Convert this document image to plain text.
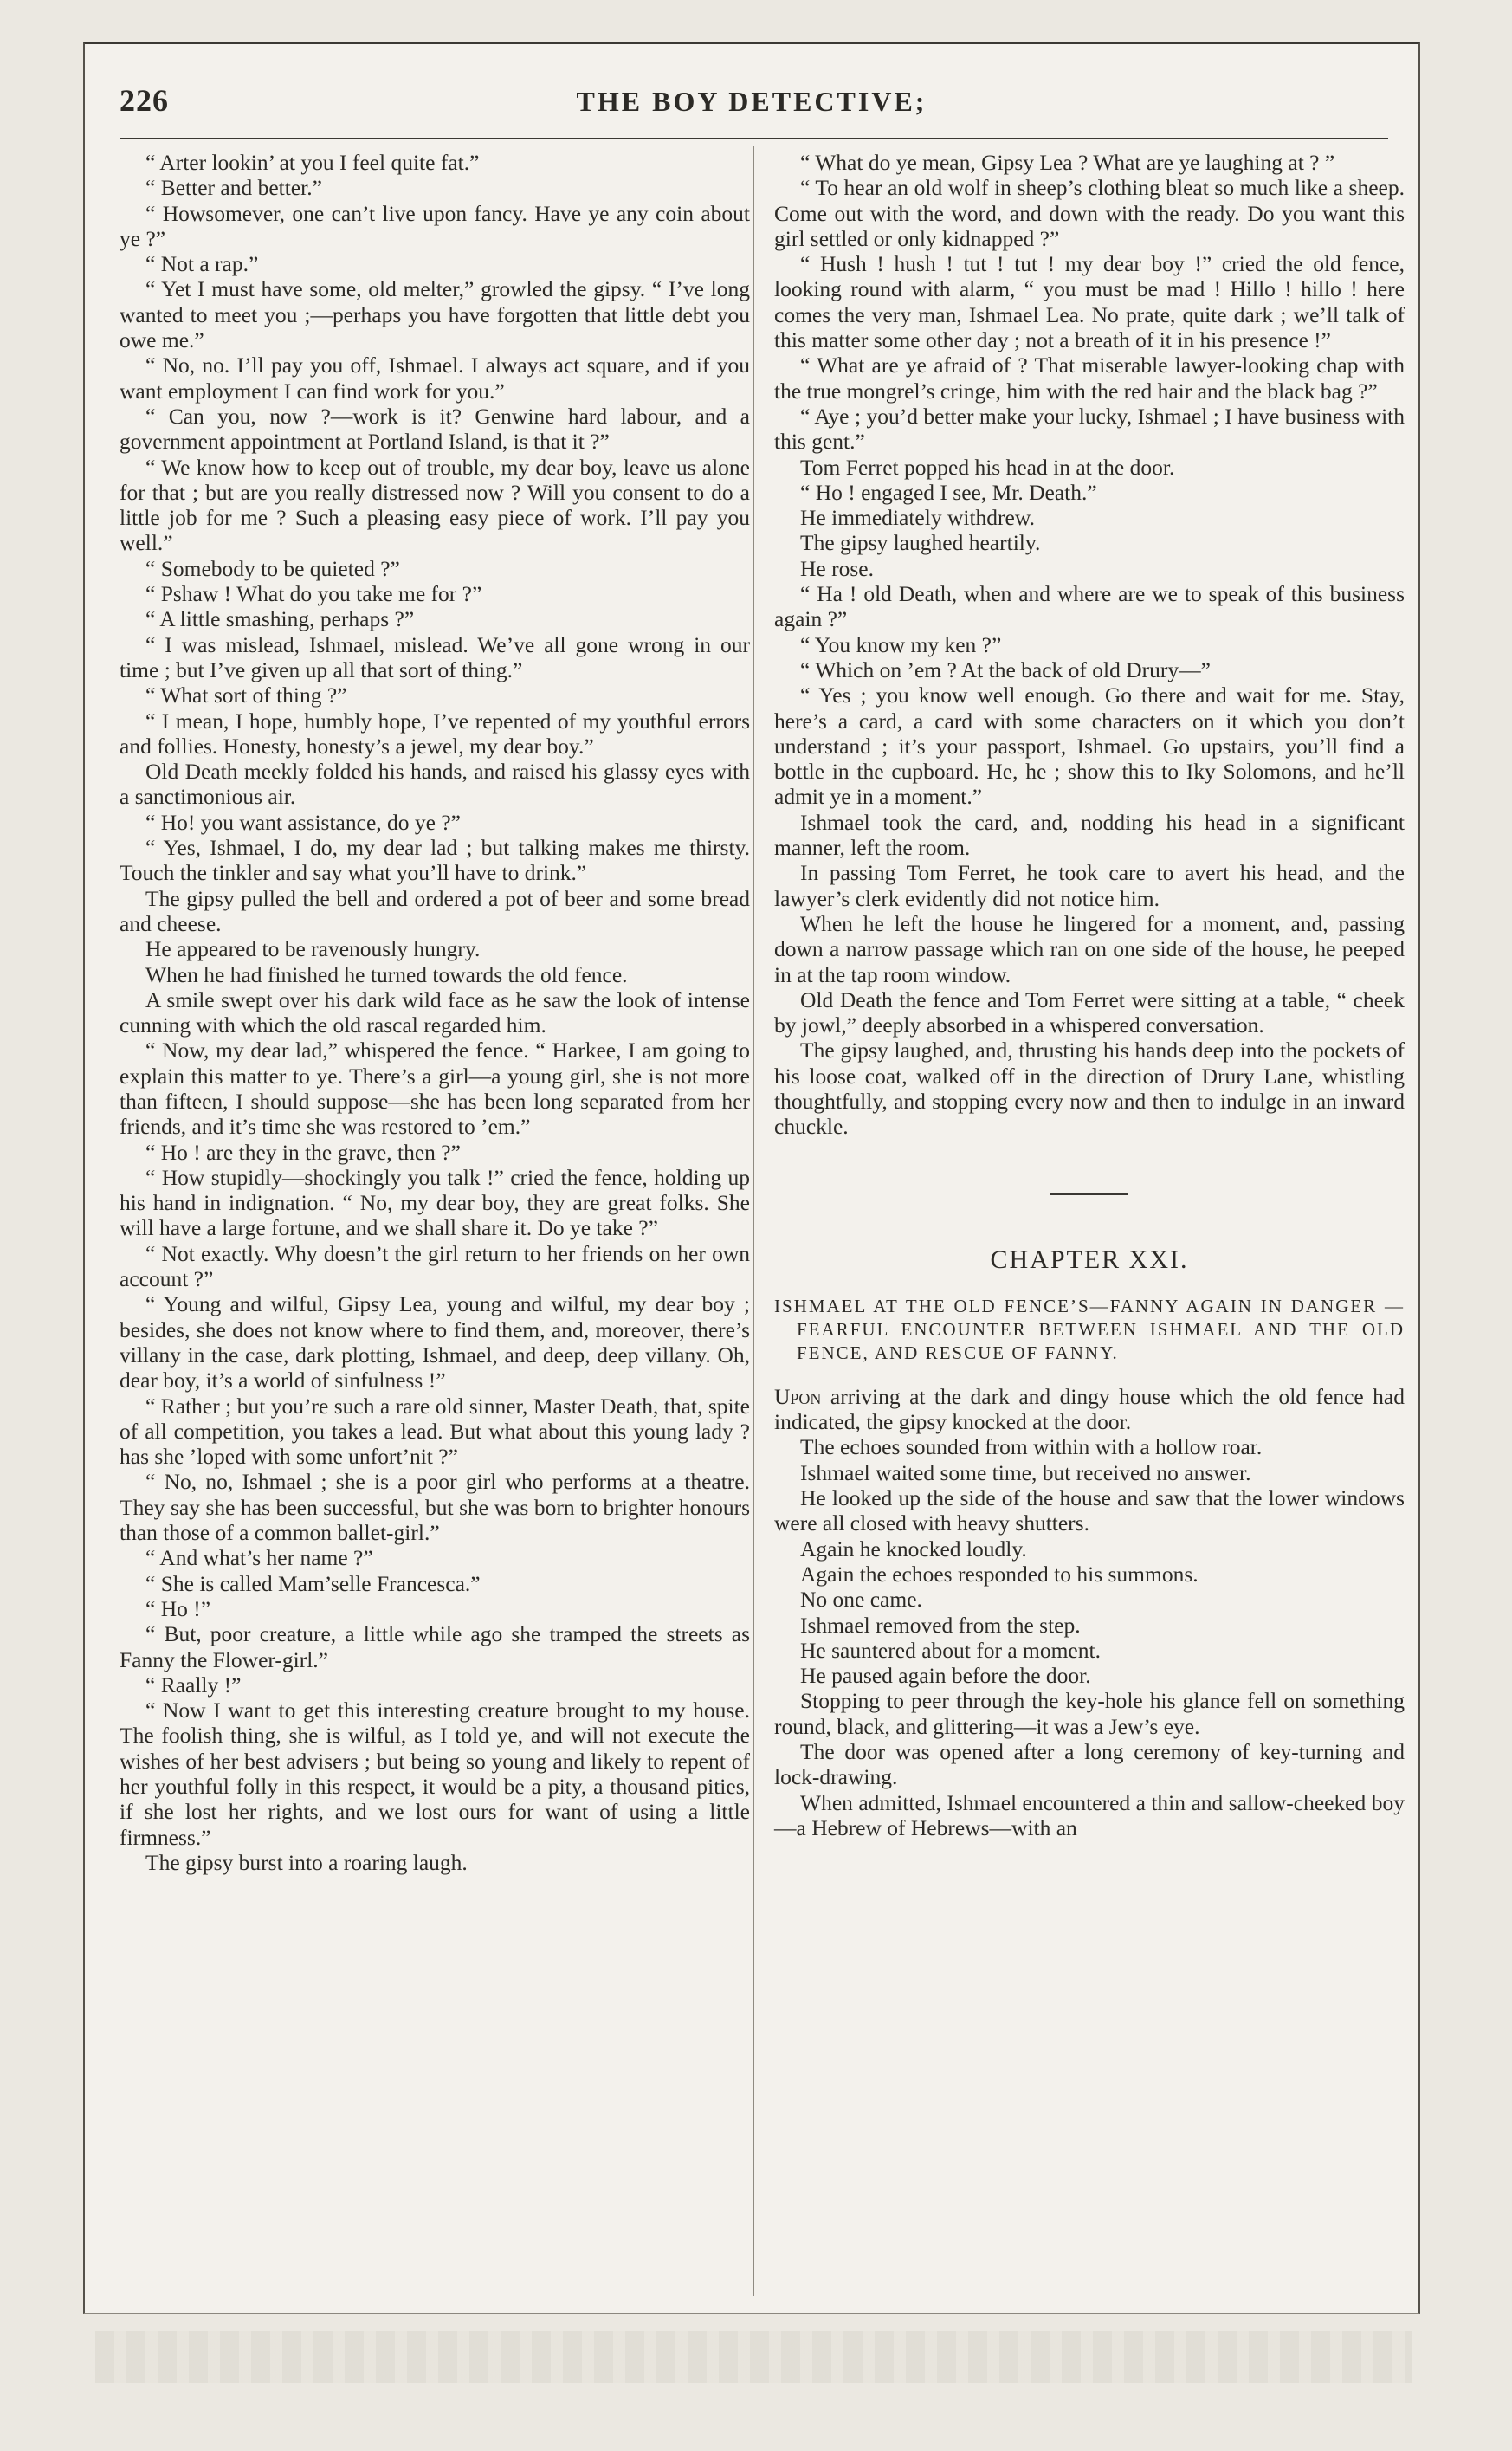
226	THE BOY DETECTIVE;

“ Arter lookin’ at you I feel quite fat.”

“ Better and better.”

“ Howsomever, one can’t live upon fancy. Have ye any coin about ye ?”

“ Not a rap.”

“ Yet I must have some, old melter,” growled the gipsy. “ I’ve long wanted to meet you ;—perhaps you have forgotten that little debt you owe me.”

“ No, no. I’ll pay you off, Ishmael. I always act square, and if you want employment I can find work for you.”

“ Can you, now ?—work is it? Genwine hard labour, and a government appointment at Portland Island, is that it ?”

“ We know how to keep out of trouble, my dear boy, leave us alone for that ; but are you really distressed now ? Will you consent to do a little job for me ? Such a pleasing easy piece of work. I’ll pay you well.”

“ Somebody to be quieted ?”

“ Pshaw ! What do you take me for ?”

“ A little smashing, perhaps ?”

“ I was mislead, Ishmael, mislead. We’ve all gone wrong in our time ; but I’ve given up all that sort of thing.”

“ What sort of thing ?”

“ I mean, I hope, humbly hope, I’ve repented of my youthful errors and follies. Honesty, honesty’s a jewel, my dear boy.”

Old Death meekly folded his hands, and raised his glassy eyes with a sanctimonious air.

“ Ho! you want assistance, do ye ?”

“ Yes, Ishmael, I do, my dear lad ; but talking makes me thirsty. Touch the tinkler and say what you’ll have to drink.”

The gipsy pulled the bell and ordered a pot of beer and some bread and cheese.

He appeared to be ravenously hungry.

When he had finished he turned towards the old fence.

A smile swept over his dark wild face as he saw the look of intense cunning with which the old rascal regarded him.

“ Now, my dear lad,” whispered the fence. “ Harkee, I am going to explain this matter to ye. There’s a girl—a young girl, she is not more than fifteen, I should suppose—she has been long separated from her friends, and it’s time she was restored to ’em.”

“ Ho ! are they in the grave, then ?”

“ How stupidly—shockingly you talk !” cried the fence, holding up his hand in indignation. “ No, my dear boy, they are great folks. She will have a large fortune, and we shall share it. Do ye take ?”

“ Not exactly. Why doesn’t the girl return to her friends on her own account ?”

“ Young and wilful, Gipsy Lea, young and wilful, my dear boy ; besides, she does not know where to find them, and, moreover, there’s villany in the case, dark plotting, Ishmael, and deep, deep villany. Oh, dear boy, it’s a world of sinfulness !”

“ Rather ; but you’re such a rare old sinner, Master Death, that, spite of all competition, you takes a lead. But what about this young lady ? has she ’loped with some unfort’nit ?”

“ No, no, Ishmael ; she is a poor girl who performs at a theatre. They say she has been successful, but she was born to brighter honours than those of a common ballet-girl.”

“ And what’s her name ?”

“ She is called Mam’selle Francesca.”

“ Ho !”

“ But, poor creature, a little while ago she tramped the streets as Fanny the Flower-girl.”

“ Raally !”

“ Now I want to get this interesting creature brought to my house. The foolish thing, she is wilful, as I told ye, and will not execute the wishes of her best advisers ; but being so young and likely to repent of her youthful folly in this respect, it would be a pity, a thousand pities, if she lost her rights, and we lost ours for want of using a little firmness.”

The gipsy burst into a roaring laugh.

“ What do ye mean, Gipsy Lea ? What are ye laughing at ? ”

“ To hear an old wolf in sheep’s clothing bleat so much like a sheep. Come out with the word, and down with the ready. Do you want this girl settled or only kidnapped ?”

“ Hush ! hush ! tut ! tut ! my dear boy !” cried the old fence, looking round with alarm, “ you must be mad ! Hillo ! hillo ! here comes the very man, Ishmael Lea. No prate, quite dark ; we’ll talk of this matter some other day ; not a breath of it in his presence !”

“ What are ye afraid of ? That miserable lawyer-looking chap with the true mongrel’s cringe, him with the red hair and the black bag ?”

“ Aye ; you’d better make your lucky, Ishmael ; I have business with this gent.”

Tom Ferret popped his head in at the door.

“ Ho ! engaged I see, Mr. Death.”

He immediately withdrew.

The gipsy laughed heartily.

He rose.

“ Ha ! old Death, when and where are we to speak of this business again ?”

“ You know my ken ?”

“ Which on ’em ? At the back of old Drury—”

“ Yes ; you know well enough. Go there and wait for me. Stay, here’s a card, a card with some characters on it which you don’t understand ; it’s your passport, Ishmael. Go upstairs, you’ll find a bottle in the cupboard. He, he ; show this to Iky Solomons, and he’ll admit ye in a moment.”

Ishmael took the card, and, nodding his head in a significant manner, left the room.

In passing Tom Ferret, he took care to avert his head, and the lawyer’s clerk evidently did not notice him.

When he left the house he lingered for a moment, and, passing down a narrow passage which ran on one side of the house, he peeped in at the tap room window.

Old Death the fence and Tom Ferret were sitting at a table, “ cheek by jowl,” deeply absorbed in a whispered conversation.

The gipsy laughed, and, thrusting his hands deep into the pockets of his loose coat, walked off in the direction of Drury Lane, whistling thoughtfully, and stopping every now and then to indulge in an inward chuckle.

CHAPTER XXI.

ISHMAEL AT THE OLD FENCE’S—FANNY AGAIN IN DANGER — FEARFUL ENCOUNTER BETWEEN ISHMAEL AND THE OLD FENCE, AND RESCUE OF FANNY.

Upon arriving at the dark and dingy house which the old fence had indicated, the gipsy knocked at the door.

The echoes sounded from within with a hollow roar.

Ishmael waited some time, but received no answer.

He looked up the side of the house and saw that the lower windows were all closed with heavy shutters.

Again he knocked loudly.

Again the echoes responded to his summons.

No one came.

Ishmael removed from the step.

He sauntered about for a moment.

He paused again before the door.

Stopping to peer through the key-hole his glance fell on something round, black, and glittering—it was a Jew’s eye.

The door was opened after a long ceremony of key-turning and lock-drawing.

When admitted, Ishmael encountered a thin and sallow-cheeked boy—a Hebrew of Hebrews—with an
